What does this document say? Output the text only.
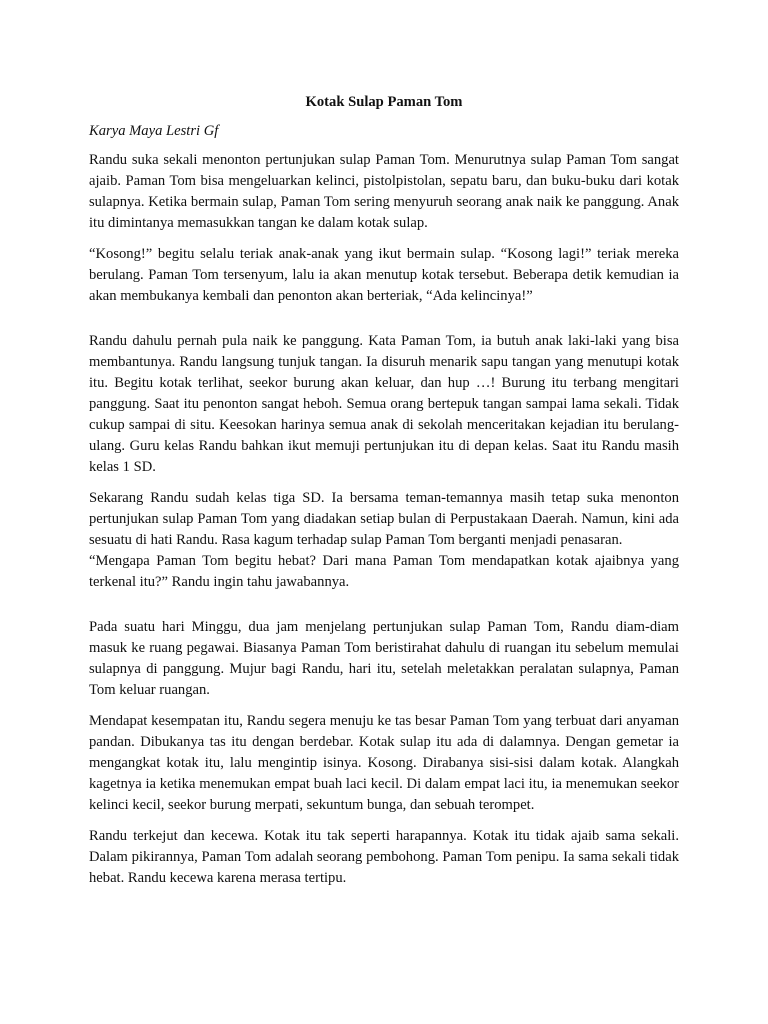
Kotak Sulap Paman Tom
Karya Maya Lestri Gf

Randu suka sekali menonton pertunjukan sulap Paman Tom. Menurutnya sulap Paman Tom sangat ajaib. Paman Tom bisa mengeluarkan kelinci, pistolpistolan, sepatu baru, dan buku-buku dari kotak sulapnya. Ketika bermain sulap, Paman Tom sering menyuruh seorang anak naik ke panggung. Anak itu dimintanya memasukkan tangan ke dalam kotak sulap.

“Kosong!” begitu selalu teriak anak-anak yang ikut bermain sulap. “Kosong lagi!” teriak mereka berulang. Paman Tom tersenyum, lalu ia akan menutup kotak tersebut. Beberapa detik kemudian ia akan membukanya kembali dan penonton akan berteriak, “Ada kelincinya!”

Randu dahulu pernah pula naik ke panggung. Kata Paman Tom, ia butuh anak laki-laki yang bisa membantunya. Randu langsung tunjuk tangan. Ia disuruh menarik sapu tangan yang menutupi kotak itu. Begitu kotak terlihat, seekor burung akan keluar, dan hup …! Burung itu terbang mengitari panggung. Saat itu penonton sangat heboh. Semua orang bertepuk tangan sampai lama sekali. Tidak cukup sampai di situ. Keesokan harinya semua anak di sekolah menceritakan kejadian itu berulang-ulang. Guru kelas Randu bahkan ikut memuji pertunjukan itu di depan kelas. Saat itu Randu masih kelas 1 SD.

Sekarang Randu sudah kelas tiga SD. Ia bersama teman-temannya masih tetap suka menonton pertunjukan sulap Paman Tom yang diadakan setiap bulan di Perpustakaan Daerah. Namun, kini ada sesuatu di hati Randu. Rasa kagum terhadap sulap Paman Tom berganti menjadi penasaran.

“Mengapa Paman Tom begitu hebat? Dari mana Paman Tom mendapatkan kotak ajaibnya yang terkenal itu?” Randu ingin tahu jawabannya.

Pada suatu hari Minggu, dua jam menjelang pertunjukan sulap Paman Tom, Randu diam-diam masuk ke ruang pegawai. Biasanya Paman Tom beristirahat dahulu di ruangan itu sebelum memulai sulapnya di panggung. Mujur bagi Randu, hari itu, setelah meletakkan peralatan sulapnya, Paman Tom keluar ruangan.

Mendapat kesempatan itu, Randu segera menuju ke tas besar Paman Tom yang terbuat dari anyaman pandan. Dibukanya tas itu dengan berdebar. Kotak sulap itu ada di dalamnya. Dengan gemetar ia mengangkat kotak itu, lalu mengintip isinya. Kosong. Dirabanya sisi-sisi dalam kotak. Alangkah kagetnya ia ketika menemukan empat buah laci kecil. Di dalam empat laci itu, ia menemukan seekor kelinci kecil, seekor burung merpati, sekuntum bunga, dan sebuah terompet.

Randu terkejut dan kecewa. Kotak itu tak seperti harapannya. Kotak itu tidak ajaib sama sekali. Dalam pikirannya, Paman Tom adalah seorang pembohong. Paman Tom penipu. Ia sama sekali tidak hebat. Randu kecewa karena merasa tertipu.
